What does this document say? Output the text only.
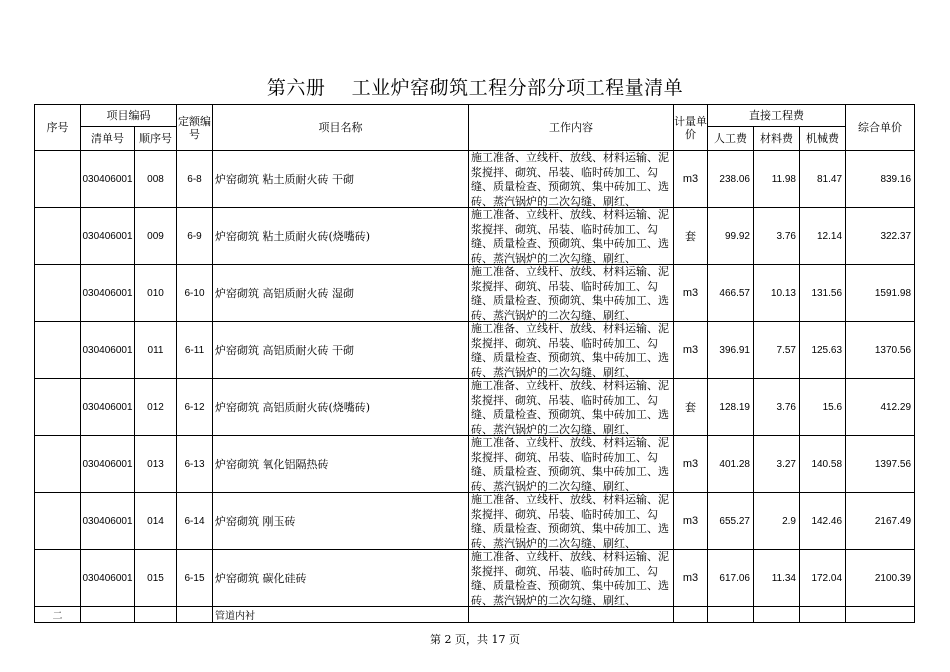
第六册    工业炉窑砌筑工程分部分项工程量清单
序号	项目编码		定额编号	项目名称	工作内容	计量单价	直接工程费			综合单价
	清单号	顺序号					人工费	材料费	机械费	
	030406001	008	6-8	炉窑砌筑 粘土质耐火砖 干砌	施工准备、立线杆、放线、材料运输、泥浆搅拌、砌筑、吊装、临时砖加工、勾缝、质量检查、预砌筑、集中砖加工、选砖、蒸汽锅炉的二次勾缝、刷红、	m3	238.06	11.98	81.47	839.16
	030406001	009	6-9	炉窑砌筑 粘土质耐火砖(烧嘴砖)	施工准备、立线杆、放线、材料运输、泥浆搅拌、砌筑、吊装、临时砖加工、勾缝、质量检查、预砌筑、集中砖加工、选砖、蒸汽锅炉的二次勾缝、刷红、	套	99.92	3.76	12.14	322.37
	030406001	010	6-10	炉窑砌筑 高铝质耐火砖 湿砌	施工准备、立线杆、放线、材料运输、泥浆搅拌、砌筑、吊装、临时砖加工、勾缝、质量检查、预砌筑、集中砖加工、选砖、蒸汽锅炉的二次勾缝、刷红、	m3	466.57	10.13	131.56	1591.98
	030406001	011	6-11	炉窑砌筑 高铝质耐火砖 干砌	施工准备、立线杆、放线、材料运输、泥浆搅拌、砌筑、吊装、临时砖加工、勾缝、质量检查、预砌筑、集中砖加工、选砖、蒸汽锅炉的二次勾缝、刷红、	m3	396.91	7.57	125.63	1370.56
	030406001	012	6-12	炉窑砌筑 高铝质耐火砖(烧嘴砖)	施工准备、立线杆、放线、材料运输、泥浆搅拌、砌筑、吊装、临时砖加工、勾缝、质量检查、预砌筑、集中砖加工、选砖、蒸汽锅炉的二次勾缝、刷红、	套	128.19	3.76	15.6	412.29
	030406001	013	6-13	炉窑砌筑 氧化铝隔热砖	施工准备、立线杆、放线、材料运输、泥浆搅拌、砌筑、吊装、临时砖加工、勾缝、质量检查、预砌筑、集中砖加工、选砖、蒸汽锅炉的二次勾缝、刷红、	m3	401.28	3.27	140.58	1397.56
	030406001	014	6-14	炉窑砌筑 刚玉砖	施工准备、立线杆、放线、材料运输、泥浆搅拌、砌筑、吊装、临时砖加工、勾缝、质量检查、预砌筑、集中砖加工、选砖、蒸汽锅炉的二次勾缝、刷红、	m3	655.27	2.9	142.46	2167.49
	030406001	015	6-15	炉窑砌筑 碳化硅砖	施工准备、立线杆、放线、材料运输、泥浆搅拌、砌筑、吊装、临时砖加工、勾缝、质量检查、预砌筑、集中砖加工、选砖、蒸汽锅炉的二次勾缝、刷红、	m3	617.06	11.34	172.04	2100.39
二				管道内衬						
第 2 页，共 17 页
